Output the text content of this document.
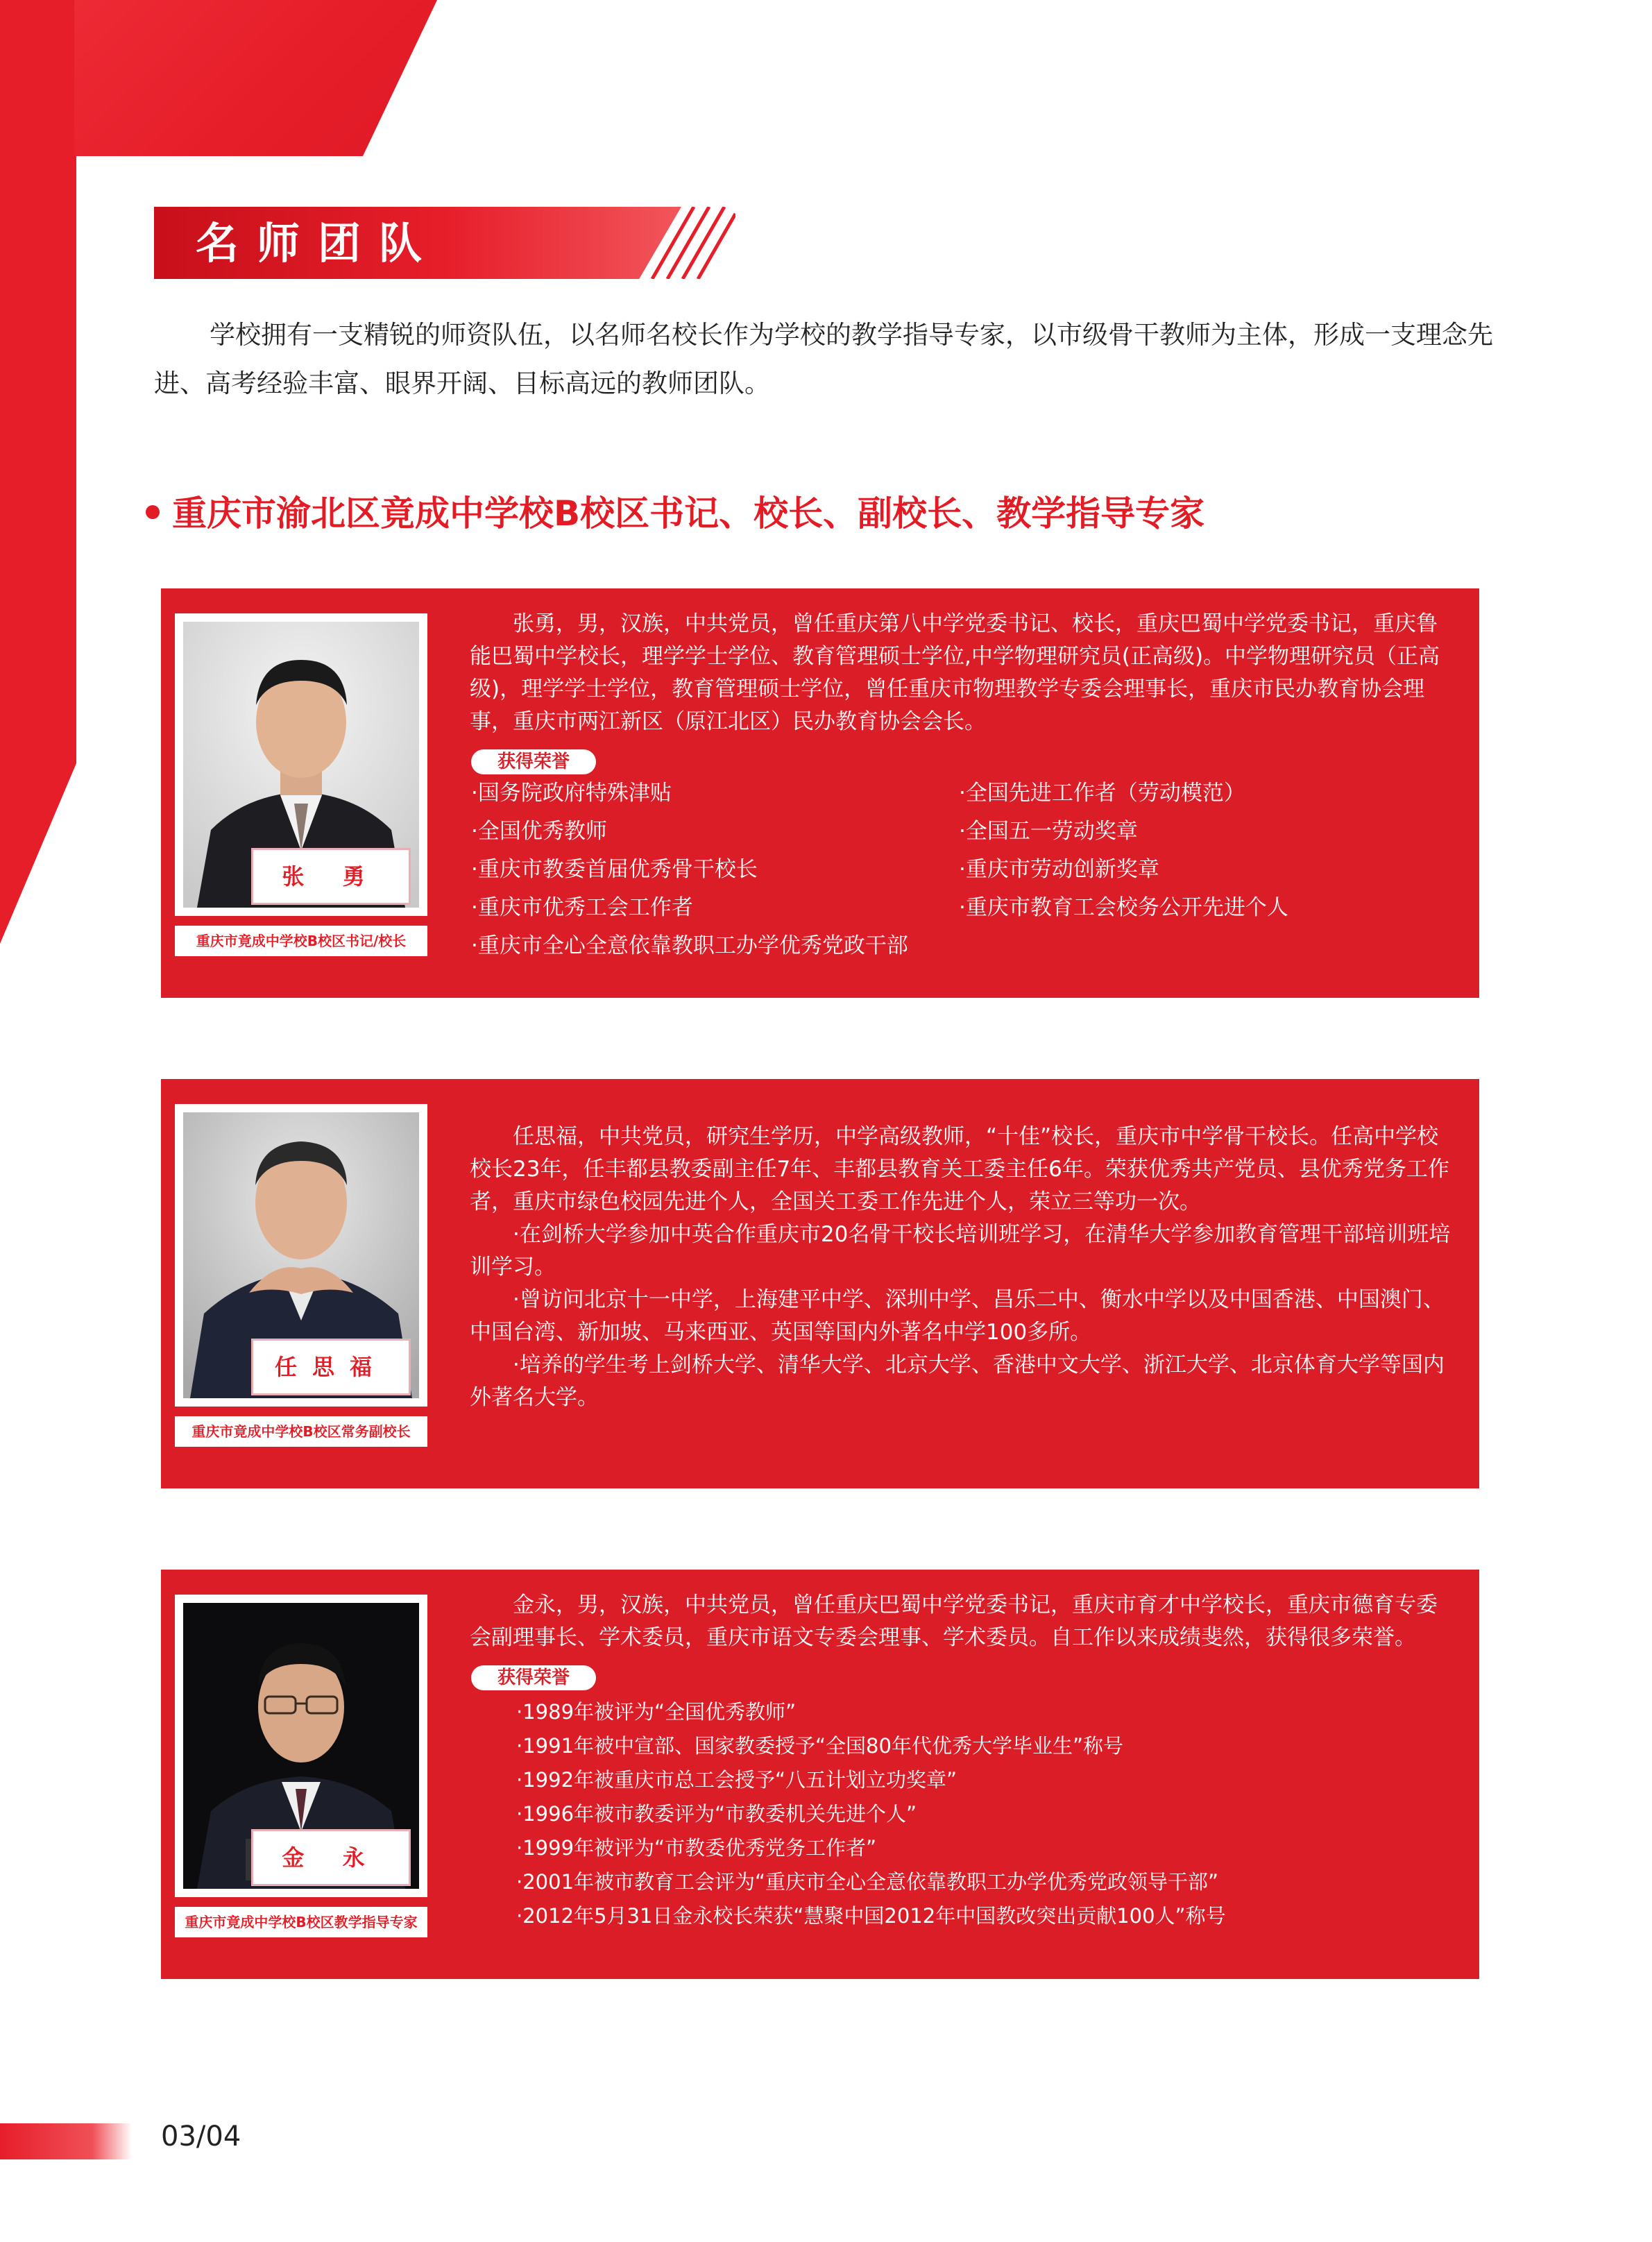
名师团队

学校拥有一支精锐的师资队伍，以名师名校长作为学校的教学指导专家，以市级骨干教师为主体，形成一支理念先进、高考经验丰富、眼界开阔、目标高远的教师团队。

重庆市渝北区竟成中学校B校区书记、校长、副校长、教学指导专家
张 勇
重庆市竟成中学校B校区书记/校长

张勇，男，汉族，中共党员，曾任重庆第八中学党委书记、校长，重庆巴蜀中学党委书记，重庆鲁能巴蜀中学校长，理学学士学位、教育管理硕士学位,中学物理研究员(正高级)。中学物理研究员（正高级)，理学学士学位，教育管理硕士学位，曾任重庆市物理教学专委会理事长，重庆市民办教育协会理事，重庆市两江新区（原江北区）民办教育协会会长。

获得荣誉
·国务院政府特殊津贴
·全国优秀教师
·重庆市教委首届优秀骨干校长
·重庆市优秀工会工作者
·重庆市全心全意依靠教职工办学优秀党政干部
·全国先进工作者（劳动模范）
·全国五一劳动奖章
·重庆市劳动创新奖章
·重庆市教育工会校务公开先进个人
任思福
重庆市竟成中学校B校区常务副校长

任思福，中共党员，研究生学历，中学高级教师，“十佳”校长，重庆市中学骨干校长。任高中学校校长23年，任丰都县教委副主任7年、丰都县教育关工委主任6年。荣获优秀共产党员、县优秀党务工作者，重庆市绿色校园先进个人，全国关工委工作先进个人，荣立三等功一次。

·在剑桥大学参加中英合作重庆市20名骨干校长培训班学习，在清华大学参加教育管理干部培训班培训学习。

·曾访问北京十一中学，上海建平中学、深圳中学、昌乐二中、衡水中学以及中国香港、中国澳门、中国台湾、新加坡、马来西亚、英国等国内外著名中学100多所。

·培养的学生考上剑桥大学、清华大学、北京大学、香港中文大学、浙江大学、北京体育大学等国内外著名大学。

金 永
重庆市竟成中学校B校区教学指导专家

金永，男，汉族，中共党员，曾任重庆巴蜀中学党委书记，重庆市育才中学校长，重庆市德育专委会副理事长、学术委员，重庆市语文专委会理事、学术委员。自工作以来成绩斐然，获得很多荣誉。

获得荣誉
·1989年被评为“全国优秀教师”
·1991年被中宣部、国家教委授予“全国80年代优秀大学毕业生”称号
·1992年被重庆市总工会授予“八五计划立功奖章”
·1996年被市教委评为“市教委机关先进个人”
·1999年被评为“市教委优秀党务工作者”
·2001年被市教育工会评为“重庆市全心全意依靠教职工办学优秀党政领导干部”
·2012年5月31日金永校长荣获“慧聚中国2012年中国教改突出贡献100人”称号
03/04
